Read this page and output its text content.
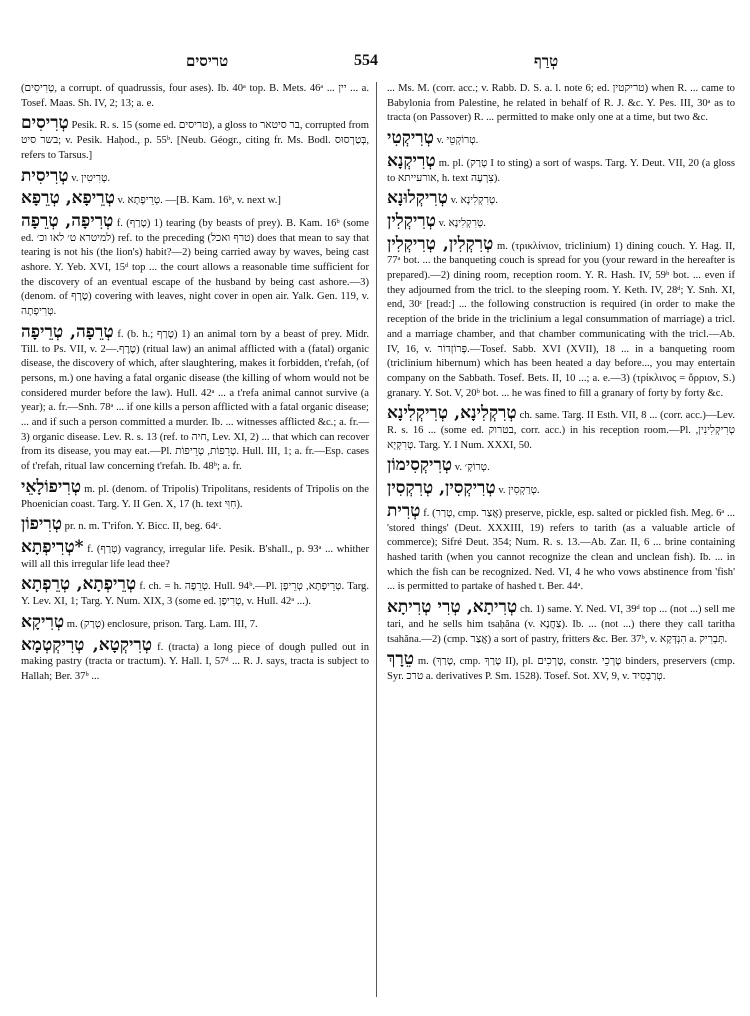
טריסים	554	טְרַף

(טְרִיסִים, a corrupt. of quadrussis, four ases). Ib. 40ᵃ top. B. Mets. 46ᵃ ... יין ... a. Tosef. Maas. Sh. IV, 2; 13; a. e.

טְרִיסִים Pesik. R. s. 15 (some ed. טריסים), a gloss to בר סיטאר, corrupted from בשר סיט; v. Pesik. Haḥod., p. 55ᵇ. [Neub. Géogr., citing fr. Ms. Bodl. בְּטַרְסוּס, refers to Tarsus.]

טְרִיסִית v. טְרִיטִין.

טְרֵיפָא, טְרֵפָא v. טְרֵיפְתָא. —[B. Kam. 16ᵇ, v. next w.]

טְרִיפָה, טְרֵפָה f. (טָרַף) 1) tearing (by beasts of prey). B. Kam. 16ᵇ (some ed. למיטרא ט׳ לאו וכ׳) ref. to the preceding (טרף ואכל) does that mean to say that tearing is not his (the lion's) habit?—2) being carried away by waves, being cast ashore. Y. Yeb. XVI, 15ᵈ top ... the court allows a reasonable time sufficient for the discovery of an eventual escape of the husband by being cast ashore.—3) (denom. of טָרָף) covering with leaves, night cover in open air. Yalk. Gen. 119, v. טְרִיפְתָה.

טְרֵפָה, טְרֵיפָה f. (b. h.; טָרַף) 1) an animal torn by a beast of prey. Midr. Till. to Ps. VII, v. טֶרֶף.—2) (ritual law) an animal afflicted with a (fatal) organic disease, the discovery of which, after slaughtering, makes it forbidden, t'refah, (of persons, m.) one having a fatal organic disease (the killing of whom would not be considered murder before the law). Hull. 42ᵃ ... a t'refa animal cannot survive (a year); a. fr.—Snh. 78ᵃ ... if one kills a person afflicted with a fatal organic disease; ... and if such a person committed a murder. Ib. ... witnesses afflicted &c.; a. fr.—3) organic disease. Lev. R. s. 13 (ref. to חיה, Lev. XI, 2) ... that which can recover from its disease, you may eat.—Pl. טְרֵפוֹת, טְרֵיפוֹת. Hull. III, 1; a. fr.—Esp. cases of t'refah, ritual law concerning t'refah. Ib. 48ᵇ; a. fr.

טְרִיפוֹלָאֵי m. pl. (denom. of Tripolis) Tripolitans, residents of Tripolis on the Phoenician coast. Targ. Y. II Gen. X, 17 (h. text חִוִּי).

טְרִיפוֹן pr. n. m. T'rifon. Y. Bicc. II, beg. 64ᶜ.

*טְרִיפְתָא f. (טְרַף) vagrancy, irregular life. Pesik. B'shall., p. 93ᵃ ... whither will all this irregular life lead thee?

טְרֵיפְתָא, טְרֵפְתָא f. ch. = h. טְרֵפָה. Hull. 94ᵇ.—Pl. טְרֵיפָתָא, טְרֵיפָן. Targ. Y. Lev. XI, 1; Targ. Y. Num. XIX, 3 (some ed. טְרִיפָן, v. Hull. 42ᵃ ...).

טְרִיקָא m. (טְרַק) enclosure, prison. Targ. Lam. III, 7.

טְרִיקְטָא, טְרִיקְטְמָא f. (tracta) a long piece of dough pulled out in making pastry (tracta or tractum). Y. Hall. I, 57ᵈ ... R. J. says, tracta is subject to Hallah; Ber. 37ᵇ ...

... Ms. M. (corr. acc.; v. Rabb. D. S. a. l. note 6; ed. טריקטין) when R. ... came to Babylonia from Palestine, he related in behalf of R. J. &c. Y. Pes. III, 30ᵃ as to tracta (on Passover) R. ... permitted to make only one at a time, but two &c.

טְרִיקְטִי v. טְרוֹקְטֵי.

טְרִיקְנָא m. pl. (טְרַק I to sting) a sort of wasps. Targ. Y. Deut. VII, 20 (a gloss to אורעייתא, h. text צִרְעָה).

טְרִיקְלוּנָא v. טְרִקְלִינָא.

טְרִיקְלִין v. טְרִקְלִינָא.

טְרִקְלִין, טְרִיקְלִין m. (τρικλίνιον, triclinium) 1) dining couch. Y. Hag. II, 77ᵃ bot. ... the banqueting couch is spread for you (your reward in the hereafter is prepared).—2) dining room, reception room. Y. R. Hash. IV, 59ᵇ bot. ... even if they adjourned from the tricl. to the sleeping room. Y. Keth. IV, 28ᵈ; Y. Snh. XI, end, 30ᶜ [read:] ... the following construction is required (in order to make the reception of the bride in the triclinium a legal consummation of marriage) a tricl. and a marriage chamber, and that chamber communicating with the tricl.—Ab. IV, 16, v. פְּרוֹזְדוֹר.—Tosef. Sabb. XVI (XVII), 18 ... in a banqueting room (triclinium hibernum) which has been heated a day before..., you may entertain company on the Sabbath. Tosef. Bets. II, 10 ...; a. e.—3) (τρίκλινος = ὄρριον, S.) granary. Y. Sot. V, 20ᵇ bot. ... he was fined to fill a granary of forty by forty &c.

טְרִקְלִינָא, טְרִיקְלִינָא ch. same. Targ. II Esth. VII, 8 ... (corr. acc.)—Lev. R. s. 16 ... (some ed. בטרוק, corr. acc.) in his reception room.—Pl. טְרִיקְלִינִין, טְרִקְיָא. Targ. Y. I Num. XXXI, 50.

טְרִיקְסִימוֹן v. טְרוֹקְ׳.

טְרִיקְסִין, טְרִקְסִין v. טְרַקְסִין.

טְרִית f. (טָרַר, cmp. אֲצַר) preserve, pickle, esp. salted or pickled fish. Meg. 6ᵃ ... 'stored things' (Deut. XXXIII, 19) refers to tarith (as a valuable article of commerce); Sifré Deut. 354; Num. R. s. 13.—Ab. Zar. II, 6 ... brine containing hashed tarith (when you cannot recognize the clean and unclean fish). Ib. ... in which the fish can be recognized. Ned. VI, 4 he who vows abstinence from 'fish' ... is permitted to partake of hashed t. Ber. 44ᵃ.

טְרִיתָא, טְרִי טְרִיתָא ch. 1) same. Y. Ned. VI, 39ᵈ top ... (not ...) sell me tari, and he sells him tsaḥăna (v. צַחֲנָא). Ib. ... (not ...) there they call taritha tsahăna.—2) (cmp. אֲצַר) a sort of pastry, fritters &c. Ber. 37ᵇ, v. הִנְדְּקָא a. תְּבְרִיק.

טֵרָךְ m. (טָרַךְ, cmp. טָרַךְ II), pl. טָרְכִים, constr. טָרְכֵי binders, preservers (cmp. Syr. טרכ a. derivatives P. Sm. 1528). Tosef. Sot. XV, 9, v. טְרַבְסִיד.
